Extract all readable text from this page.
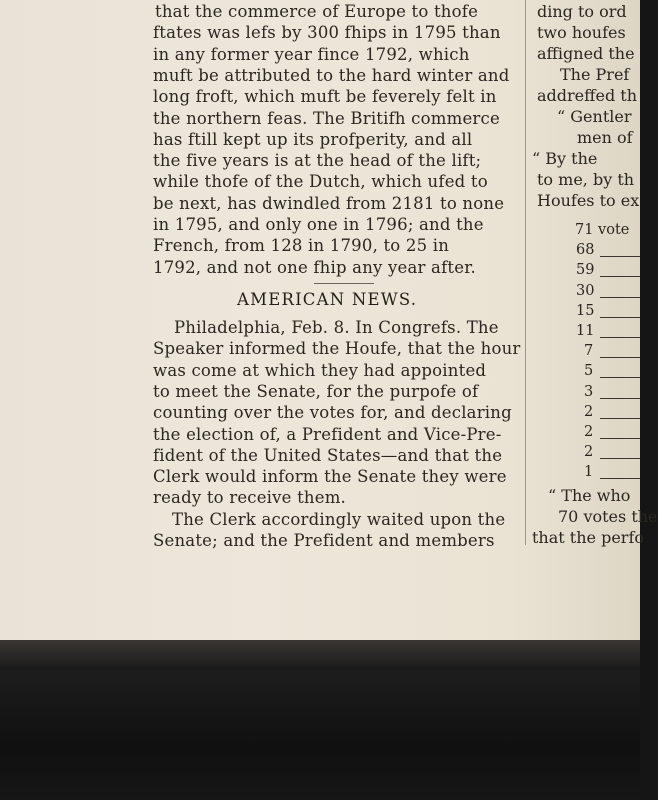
that the commerce of Europe to thofe
ftates was lefs by 300 fhips in 1795 than
in any former year fince 1792, which
muft be attributed to the hard winter and
long froft, which muft be feverely felt in
the northern feas. The Britifh commerce
has ftill kept up its profperity, and all
the five years is at the head of the lift;
while thofe of the Dutch, which ufed to
be next, has dwindled from 2181 to none
in 1795, and only one in 1796; and the
French, from 128 in 1790, to 25 in
1792, and not one fhip any year after.
AMERICAN NEWS.
Philadelphia, Feb. 8. In Congrefs. The
Speaker informed the Houfe, that the hour
was come at which they had appointed
to meet the Senate, for the purpofe of
counting over the votes for, and declaring
the election of, a Prefident and Vice-Pre-
fident of the United States—and that the
Clerk would inform the Senate they were
ready to receive them.
The Clerk accordingly waited upon the
Senate; and the Prefident and members
ding to ord
two houfes
affigned the
The Pref
addreffed th
“ Gentler
men of
“ By the
to me, by th
Houfes to ex
71 vote
68
59
30
15
11
7
5
3
2
2
2
1
“ The who
70 votes the
that the perfo
